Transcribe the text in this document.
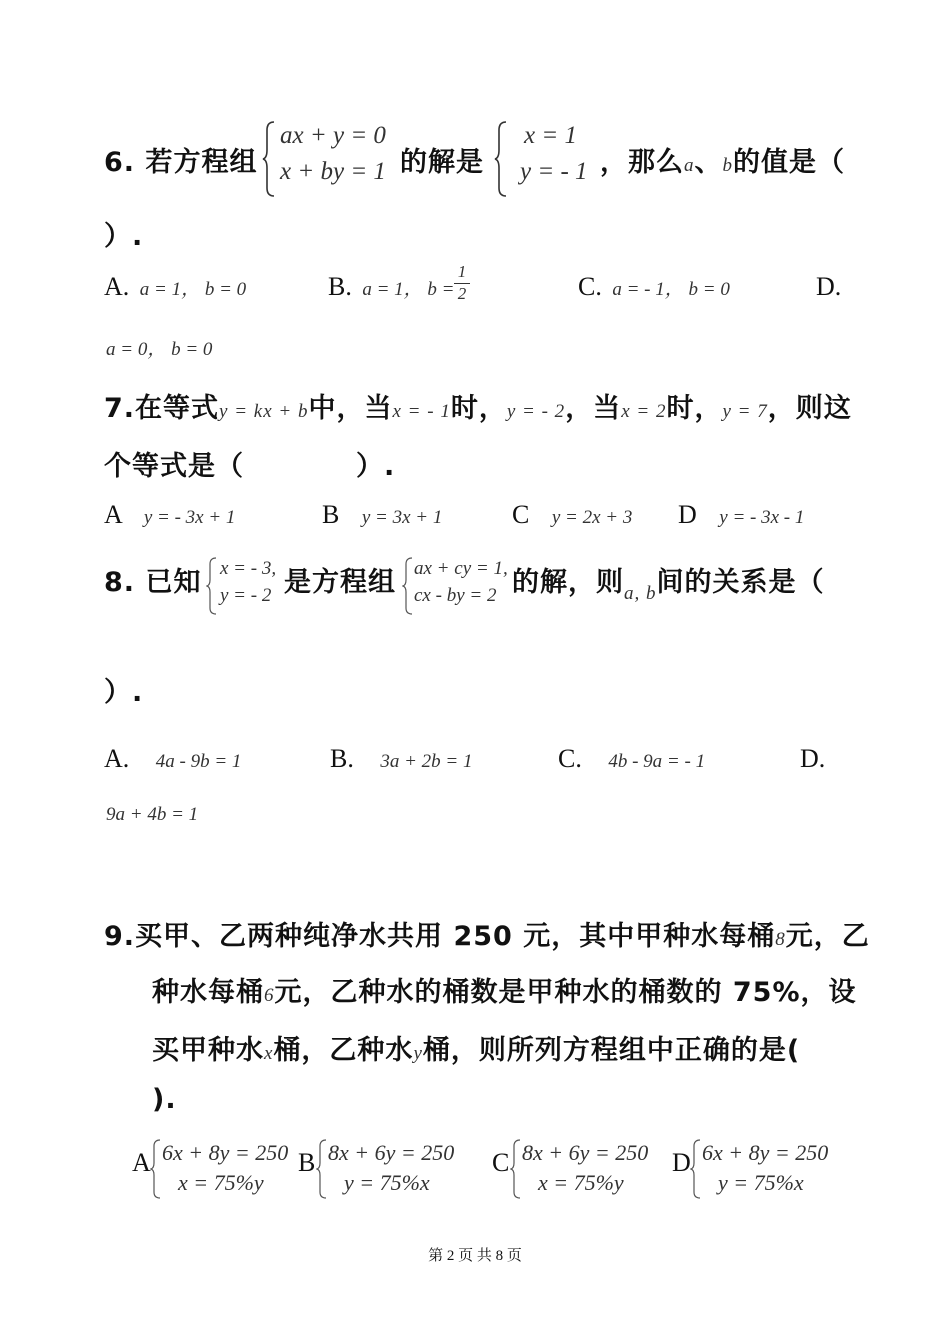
6. 若方程组
ax + y = 0
x + by = 1 的解是
x = 1
y = - 1 ，那么a、b的值是（
）.
A. a = 1， b = 0	B. a = 1， $b = \frac{1}{2}$	C. a = - 1， b = 0	D.
a = 0， b = 0
7.在等式y = kx + b中，当x = - 1时，y = - 2，当x = 2时，y = 7，则这
个等式是（　　　　）.
A y = - 3x + 1	B y = 3x + 1	C y = 2x + 3 D y = - 3x - 1
8. 已知 x = - 3,
y = - 2 是方程组 ax + cy = 1,
cx - by = 2 的解，则$_{a, b}$间的关系是（
）.
A. 4a - 9b = 1	B. 3a + 2b = 1	C. 4b - 9a = - 1	D.
9a + 4b = 1
9.买甲、乙两种纯净水共用 250 元，其中甲种水每桶8元，乙
种水每桶6元，乙种水的桶数是甲种水的桶数的 75%，设
买甲种水x桶，乙种水y桶，则所列方程组中正确的是(
).
A 6x + 8y = 250
x = 75%y
B 8x + 6y = 250
y = 75%x
C 8x + 6y = 250
x = 75%y
D 6x + 8y = 250
y = 75%x
第 2 页 共 8 页
